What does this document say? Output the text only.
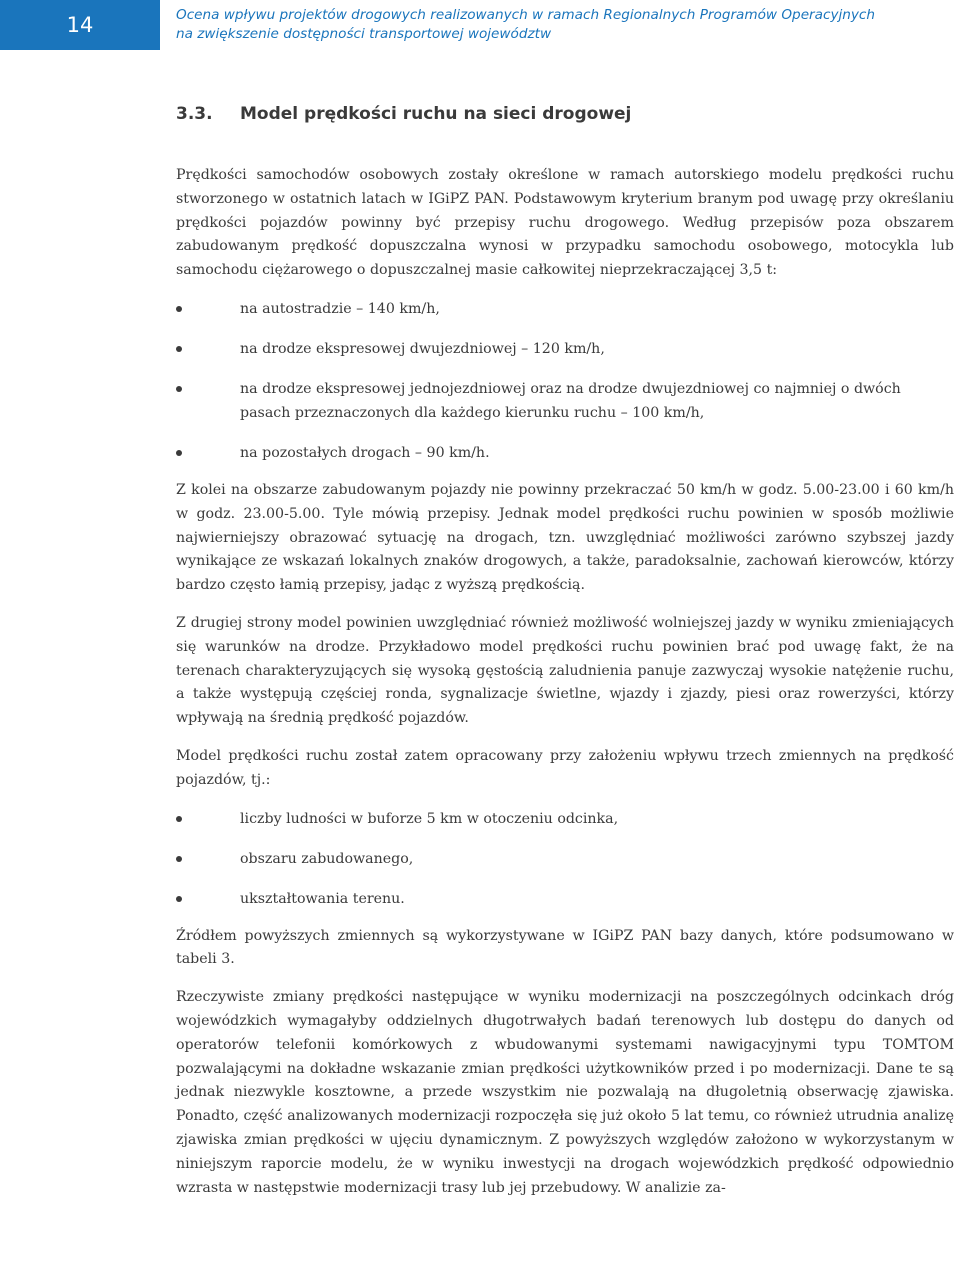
14	Ocena wpływu projektów drogowych realizowanych w ramach Regionalnych Programów Operacyjnych
na zwiększenie dostępności transportowej województw
3.3. Model prędkości ruchu na sieci drogowej

Prędkości samochodów osobowych zostały określone w ramach autorskiego modelu prędkości ruchu stworzonego w ostatnich latach w IGiPZ PAN. Podstawowym kryterium branym pod uwagę przy określaniu prędkości pojazdów powinny być przepisy ruchu drogowego. Według przepisów poza obszarem zabudowanym prędkość dopuszczalna wynosi w przypadku samochodu osobowego, motocykla lub samochodu ciężarowego o dopuszczalnej masie całkowitej nieprzekraczającej 3,5 t:

na autostradzie – 140 km/h,
na drodze ekspresowej dwujezdniowej – 120 km/h,
na drodze ekspresowej jednojezdniowej oraz na drodze dwujezdniowej co najmniej o dwóch pasach przeznaczonych dla każdego kierunku ruchu – 100 km/h,
na pozostałych drogach – 90 km/h.

Z kolei na obszarze zabudowanym pojazdy nie powinny przekraczać 50 km/h w godz. 5.00-23.00 i 60 km/h w godz. 23.00-5.00. Tyle mówią przepisy. Jednak model prędkości ruchu powinien w sposób możliwie najwierniejszy obrazować sytuację na drogach, tzn. uwzględniać możliwości zarówno szybszej jazdy wynikające ze wskazań lokalnych znaków drogowych, a także, paradoksalnie, zachowań kierowców, którzy bardzo często łamią przepisy, jadąc z wyższą prędkością.

Z drugiej strony model powinien uwzględniać również możliwość wolniejszej jazdy w wyniku zmieniających się warunków na drodze. Przykładowo model prędkości ruchu powinien brać pod uwagę fakt, że na terenach charakteryzujących się wysoką gęstością zaludnienia panuje zazwyczaj wysokie natężenie ruchu, a także występują częściej ronda, sygnalizacje świetlne, wjazdy i zjazdy, piesi oraz rowerzyści, którzy wpływają na średnią prędkość pojazdów.

Model prędkości ruchu został zatem opracowany przy założeniu wpływu trzech zmiennych na prędkość pojazdów, tj.:

liczby ludności w buforze 5 km w otoczeniu odcinka,
obszaru zabudowanego,
ukształtowania terenu.

Źródłem powyższych zmiennych są wykorzystywane w IGiPZ PAN bazy danych, które podsumowano w tabeli 3.

Rzeczywiste zmiany prędkości następujące w wyniku modernizacji na poszczególnych odcinkach dróg wojewódzkich wymagałyby oddzielnych długotrwałych badań terenowych lub dostępu do danych od operatorów telefonii komórkowych z wbudowanymi systemami nawigacyjnymi typu TOMTOM pozwalającymi na dokładne wskazanie zmian prędkości użytkowników przed i po modernizacji. Dane te są jednak niezwykle kosztowne, a przede wszystkim nie pozwalają na długoletnią obserwację zjawiska. Ponadto, część analizowanych modernizacji rozpoczęła się już około 5 lat temu, co również utrudnia analizę zjawiska zmian prędkości w ujęciu dynamicznym. Z powyższych względów założono w wykorzystanym w niniejszym raporcie modelu, że w wyniku inwestycji na drogach wojewódzkich prędkość odpowiednio wzrasta w następstwie modernizacji trasy lub jej przebudowy. W analizie za-
